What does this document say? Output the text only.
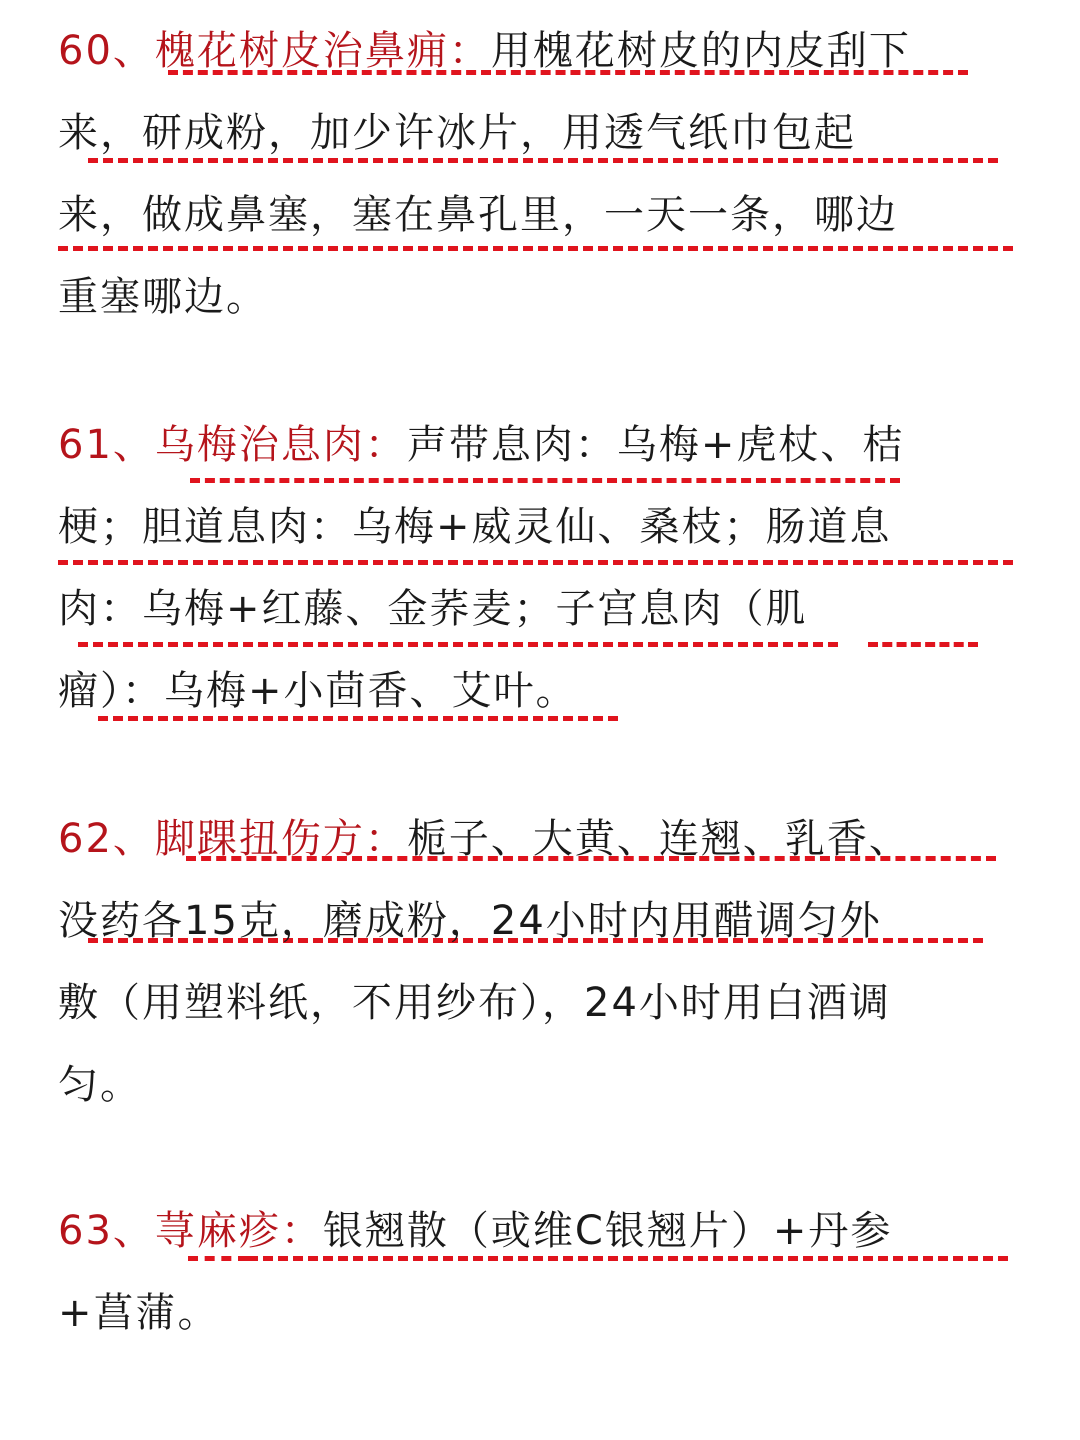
60、槐花树皮治鼻痈：用槐花树皮的内皮刮下
来，研成粉，加少许冰片，用透气纸巾包起
来，做成鼻塞，塞在鼻孔里，一天一条，哪边
重塞哪边。
61、乌梅治息肉：声带息肉：乌梅+虎杖、桔
梗；胆道息肉：乌梅+威灵仙、桑枝；肠道息
肉：乌梅+红藤、金荞麦；子宫息肉（肌
瘤）：乌梅+小茴香、艾叶。
62、脚踝扭伤方：栀子、大黄、连翘、乳香、
没药各15克，磨成粉，24小时内用醋调匀外
敷（用塑料纸，不用纱布），24小时用白酒调
匀。
63、荨麻疹：银翘散（或维C银翘片）+丹参
+菖蒲。
